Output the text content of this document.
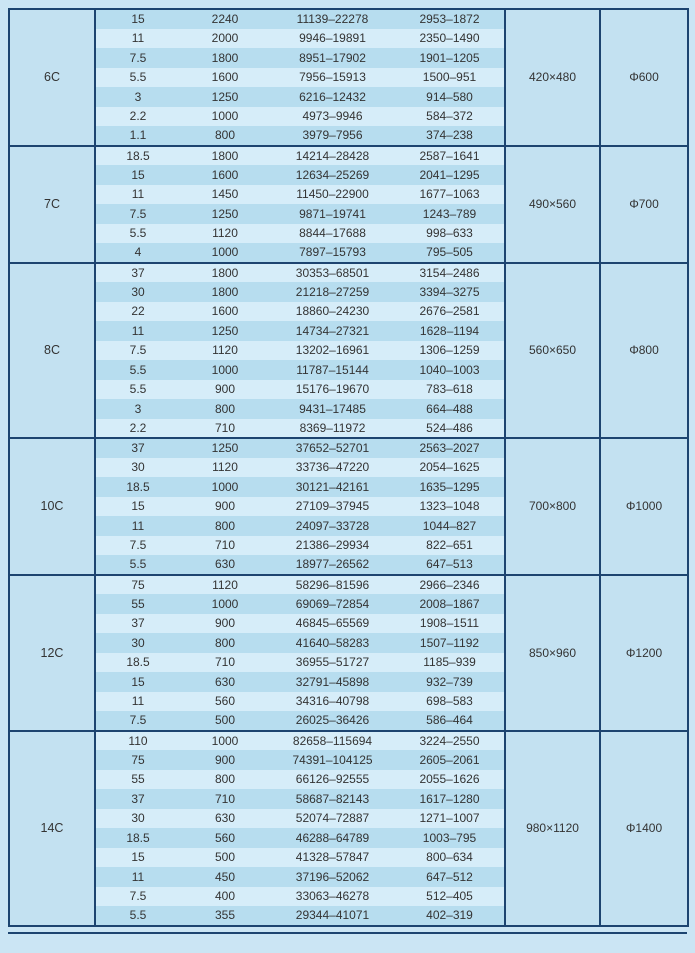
6C	15	2240	11139–22278	2953–1872	420×480	Φ600
	11	2000	9946–19891	2350–1490		
	7.5	1800	8951–17902	1901–1205		
	5.5	1600	7956–15913	1500–951		
	3	1250	6216–12432	914–580		
	2.2	1000	4973–9946	584–372		
	1.1	800	3979–7956	374–238		
7C	18.5	1800	14214–28428	2587–1641	490×560	Φ700
	15	1600	12634–25269	2041–1295		
	11	1450	11450–22900	1677–1063		
	7.5	1250	9871–19741	1243–789		
	5.5	1120	8844–17688	998–633		
	4	1000	7897–15793	795–505		
8C	37	1800	30353–68501	3154–2486	560×650	Φ800
	30	1800	21218–27259	3394–3275		
	22	1600	18860–24230	2676–2581		
	11	1250	14734–27321	1628–1194		
	7.5	1120	13202–16961	1306–1259		
	5.5	1000	11787–15144	1040–1003		
	5.5	900	15176–19670	783–618		
	3	800	9431–17485	664–488		
	2.2	710	8369–11972	524–486		
10C	37	1250	37652–52701	2563–2027	700×800	Φ1000
	30	1120	33736–47220	2054–1625		
	18.5	1000	30121–42161	1635–1295		
	15	900	27109–37945	1323–1048		
	11	800	24097–33728	1044–827		
	7.5	710	21386–29934	822–651		
	5.5	630	18977–26562	647–513		
12C	75	1120	58296–81596	2966–2346	850×960	Φ1200
	55	1000	69069–72854	2008–1867		
	37	900	46845–65569	1908–1511		
	30	800	41640–58283	1507–1192		
	18.5	710	36955–51727	1185–939		
	15	630	32791–45898	932–739		
	11	560	34316–40798	698–583		
	7.5	500	26025–36426	586–464		
14C	110	1000	82658–115694	3224–2550	980×1120	Φ1400
	75	900	74391–104125	2605–2061		
	55	800	66126–92555	2055–1626		
	37	710	58687–82143	1617–1280		
	30	630	52074–72887	1271–1007		
	18.5	560	46288–64789	1003–795		
	15	500	41328–57847	800–634		
	11	450	37196–52062	647–512		
	7.5	400	33063–46278	512–405		
	5.5	355	29344–41071	402–319		
